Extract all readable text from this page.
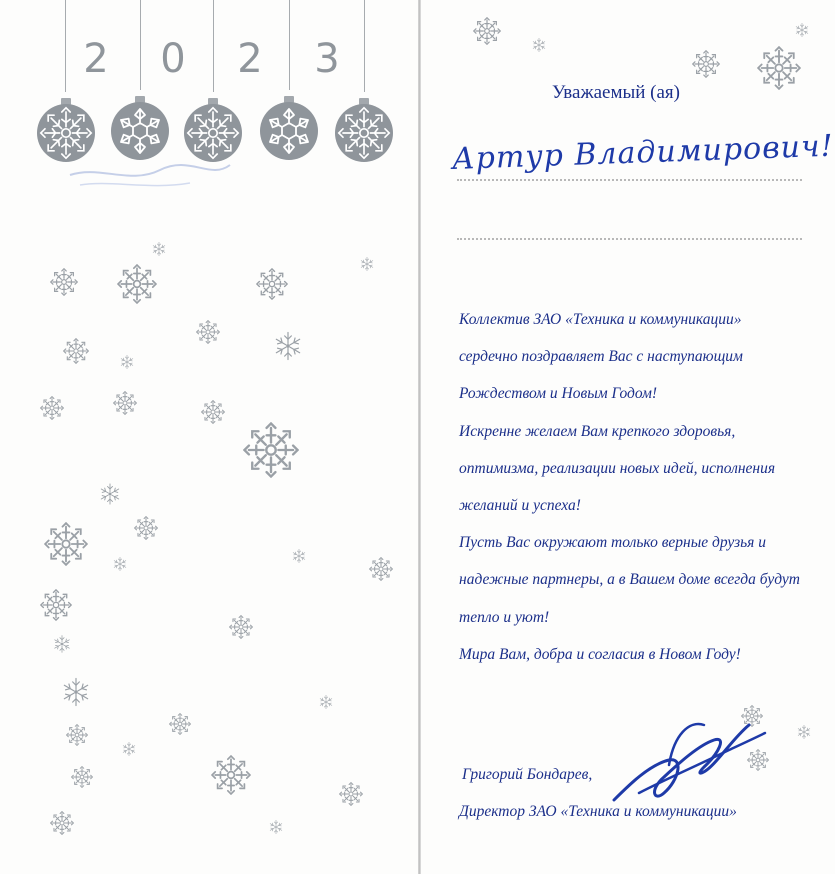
2 0 2 3
Уважаемый (ая)
Артур Владимирович!
Коллектив ЗАО «Техника и коммуникации»
сердечно поздравляет Вас с наступающим
Рождеством и Новым Годом!
Искренне желаем Вам крепкого здоровья,
оптимизма, реализации новых идей, исполнения
желаний и успеха!
Пусть Вас окружают только верные друзья и
надежные партнеры, а в Вашем доме всегда будут
тепло и уют!
Мира Вам, добра и согласия в Новом Году!
Григорий Бондарев,
Директор ЗАО «Техника и коммуникации»
